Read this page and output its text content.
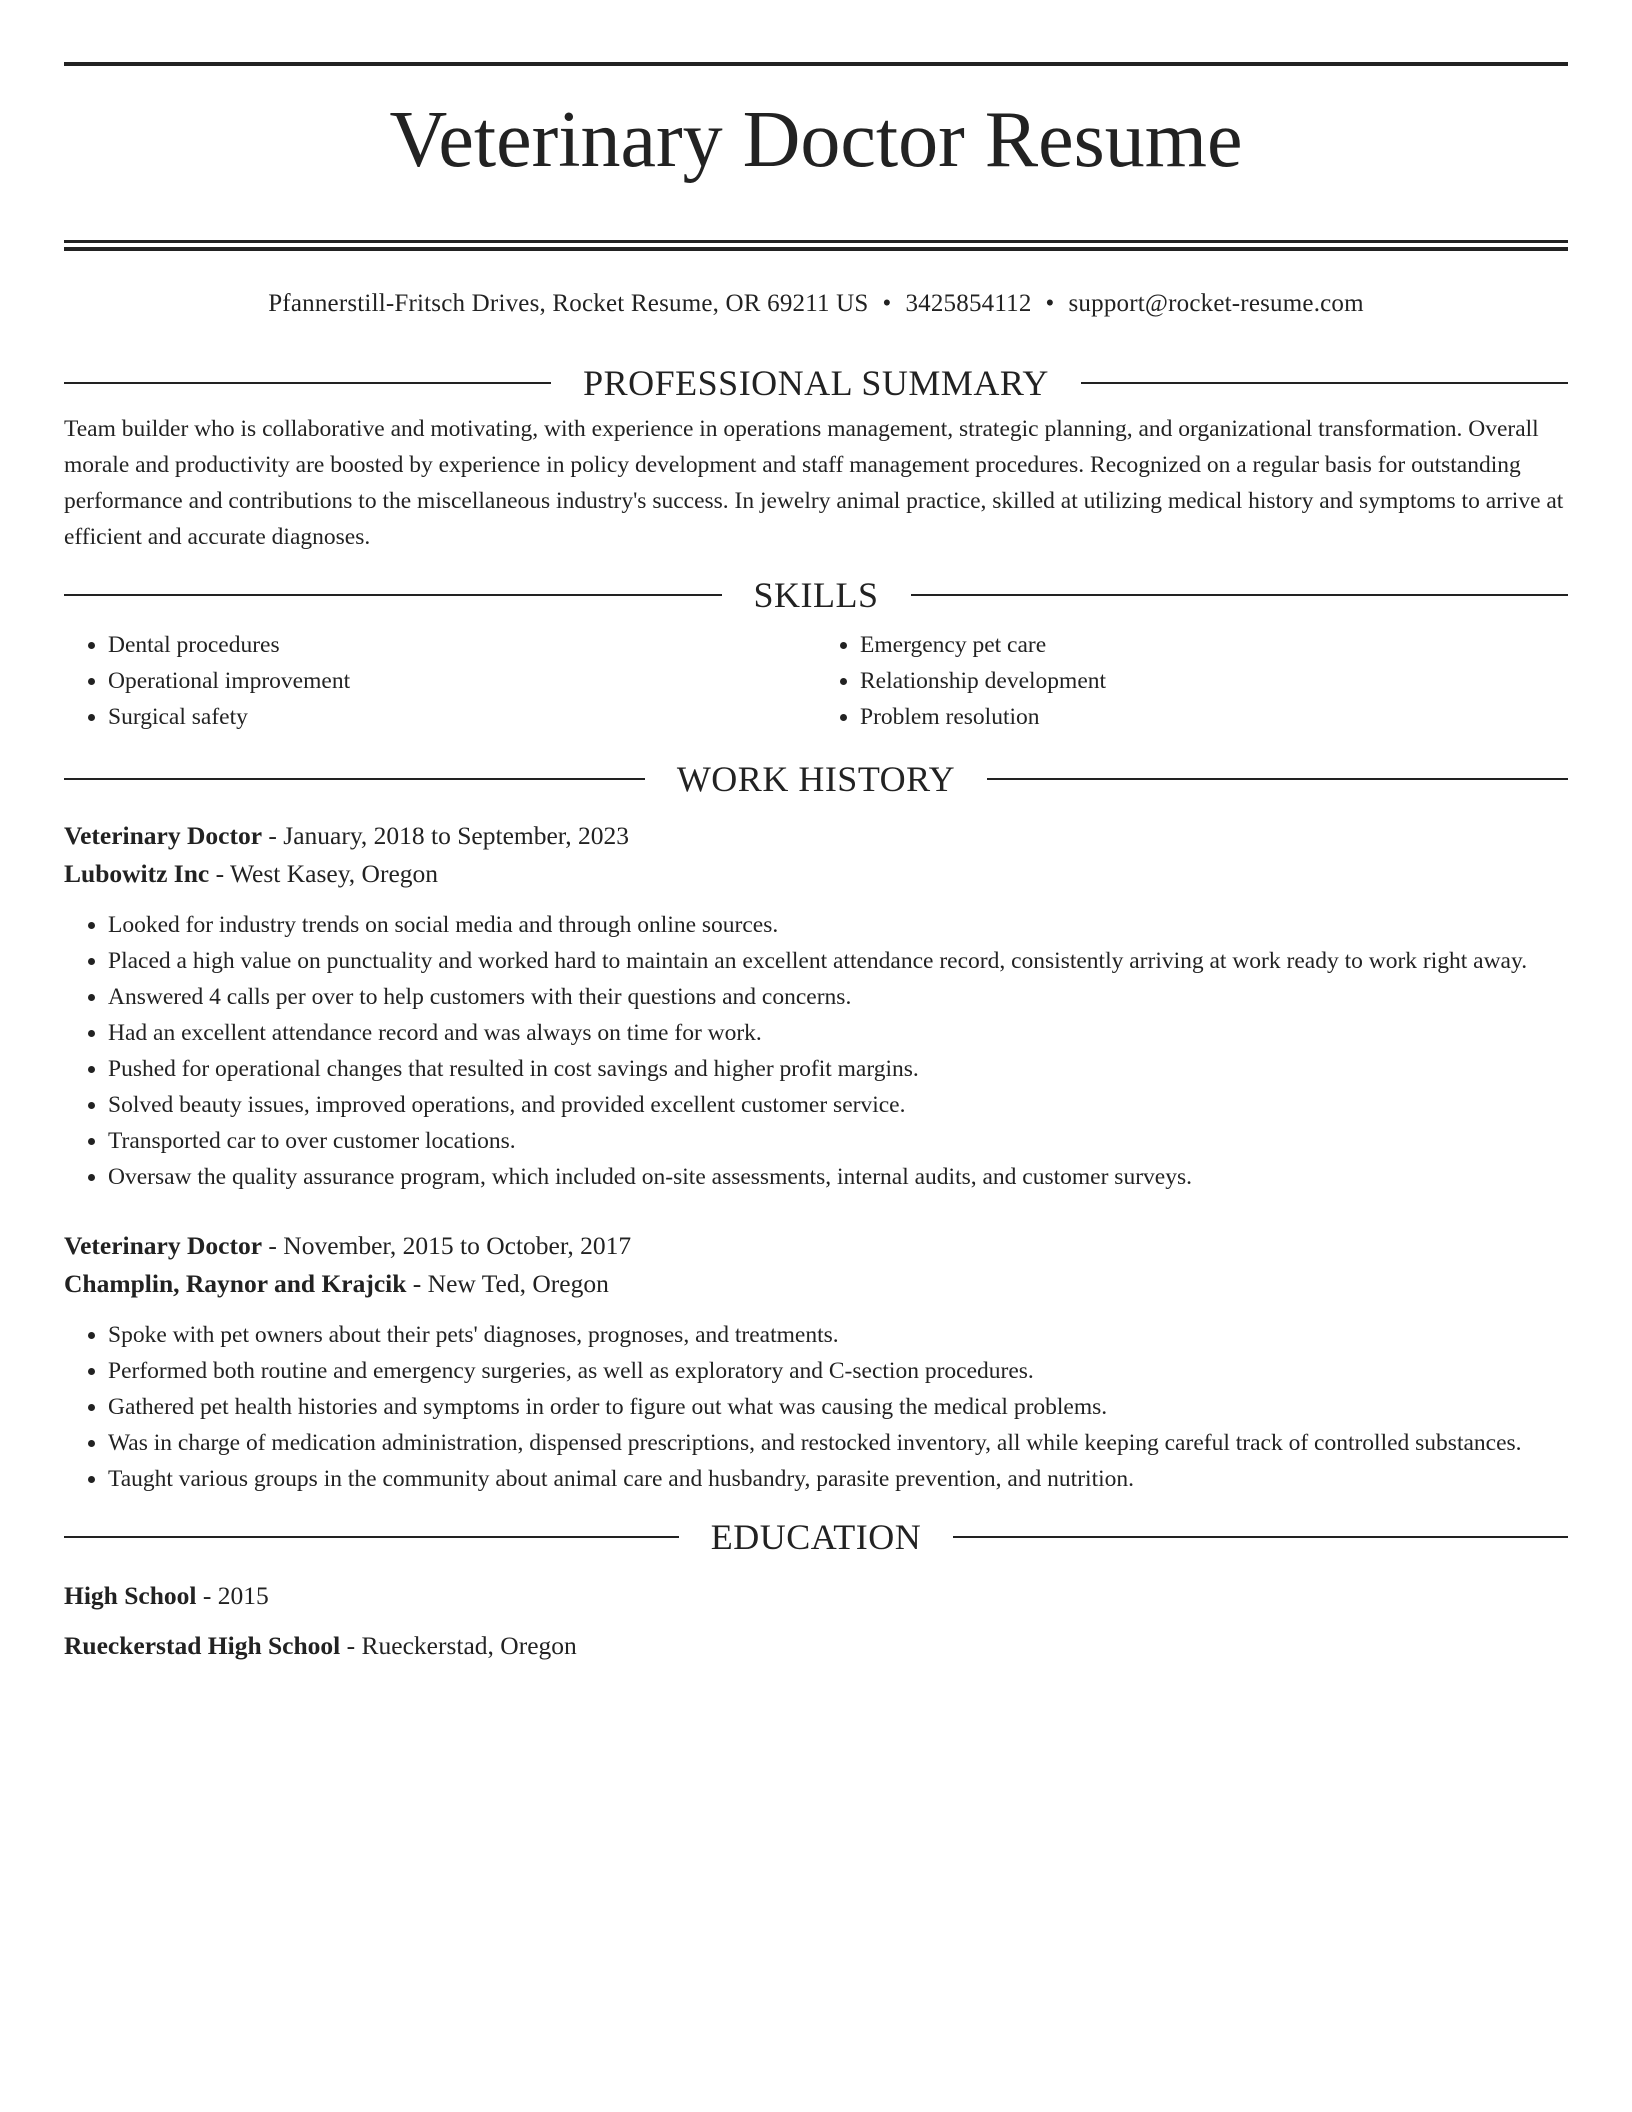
Veterinary Doctor Resume
Pfannerstill-Fritsch Drives, Rocket Resume, OR 69211 US • 3425854112 • support@rocket-resume.com
PROFESSIONAL SUMMARY
Team builder who is collaborative and motivating, with experience in operations management, strategic planning, and organizational transformation. Overall morale and productivity are boosted by experience in policy development and staff management procedures. Recognized on a regular basis for outstanding performance and contributions to the miscellaneous industry's success. In jewelry animal practice, skilled at utilizing medical history and symptoms to arrive at efficient and accurate diagnoses.
SKILLS
• Dental procedures
• Operational improvement
• Surgical safety
• Emergency pet care
• Relationship development
• Problem resolution
WORK HISTORY
Veterinary Doctor - January, 2018 to September, 2023
Lubowitz Inc - West Kasey, Oregon
• Looked for industry trends on social media and through online sources.
• Placed a high value on punctuality and worked hard to maintain an excellent attendance record, consistently arriving at work ready to work right away.
• Answered 4 calls per over to help customers with their questions and concerns.
• Had an excellent attendance record and was always on time for work.
• Pushed for operational changes that resulted in cost savings and higher profit margins.
• Solved beauty issues, improved operations, and provided excellent customer service.
• Transported car to over customer locations.
• Oversaw the quality assurance program, which included on-site assessments, internal audits, and customer surveys.
Veterinary Doctor - November, 2015 to October, 2017
Champlin, Raynor and Krajcik - New Ted, Oregon
• Spoke with pet owners about their pets' diagnoses, prognoses, and treatments.
• Performed both routine and emergency surgeries, as well as exploratory and C-section procedures.
• Gathered pet health histories and symptoms in order to figure out what was causing the medical problems.
• Was in charge of medication administration, dispensed prescriptions, and restocked inventory, all while keeping careful track of controlled substances.
• Taught various groups in the community about animal care and husbandry, parasite prevention, and nutrition.
EDUCATION
High School - 2015
Rueckerstad High School - Rueckerstad, Oregon
